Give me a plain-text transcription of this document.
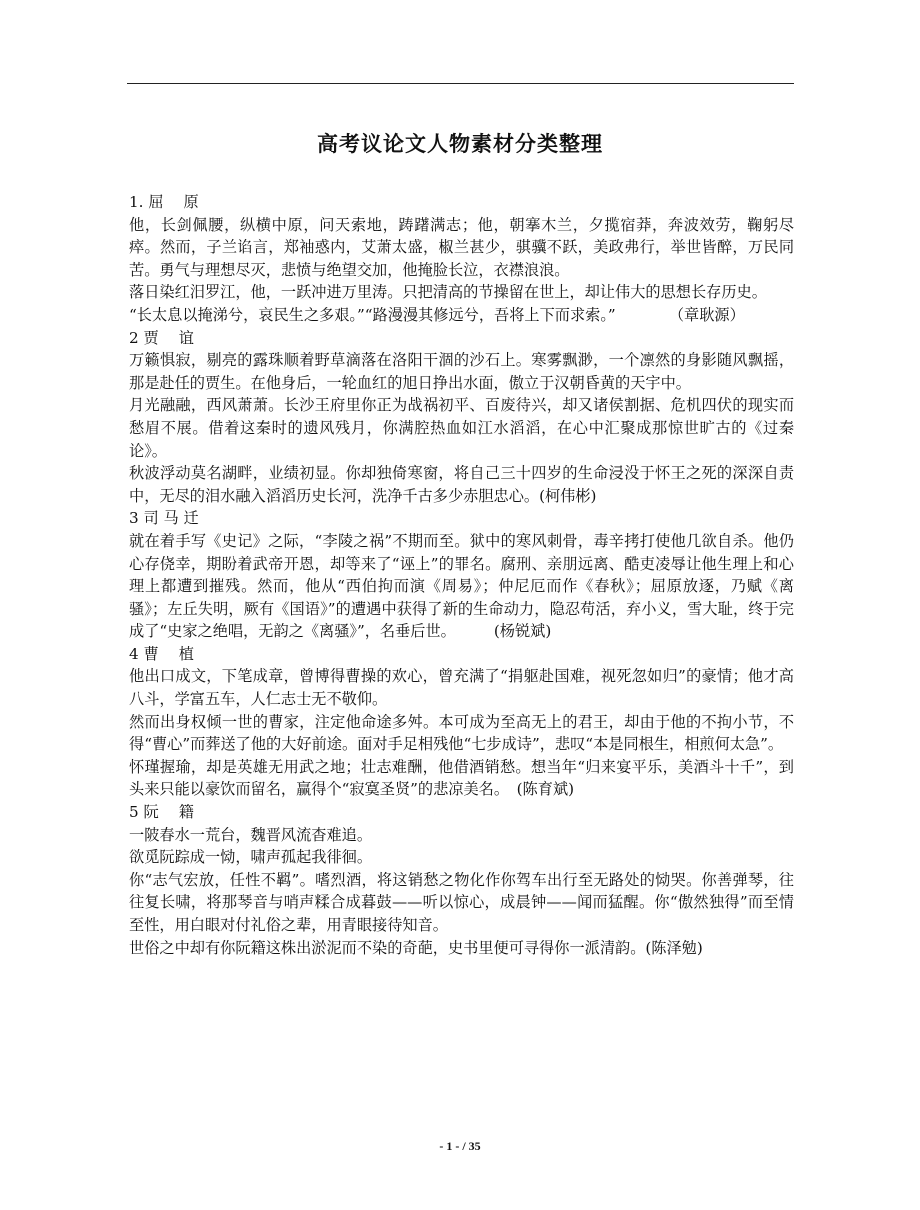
高考议论文人物素材分类整理

1. 屈　 原

他，长剑佩腰，纵横中原，问天索地，踌躇满志；他，朝搴木兰，夕揽宿莽，奔波效劳，鞠躬尽瘁。然而，子兰谄言，郑袖惑内，艾萧太盛，椒兰甚少，骐骥不跃，美政弗行，举世皆醉，万民同苦。勇气与理想尽灭，悲愤与绝望交加，他掩脸长泣，衣襟浪浪。

落日染红汨罗江，他，一跃冲进万里涛。只把清高的节操留在世上，却让伟大的思想长存历史。

“长太息以掩涕兮，哀民生之多艰。”“路漫漫其修远兮，吾将上下而求索。”　　　　（章耿源）

2 贾　 谊

万籁惧寂，剔亮的露珠顺着野草滴落在洛阳干涸的沙石上。寒雾飘渺，一个凛然的身影随风飘摇，那是赴任的贾生。在他身后，一轮血红的旭日挣出水面，傲立于汉朝昏黄的天宇中。

月光融融，西风萧萧。长沙王府里你正为战祸初平、百废待兴，却又诸侯割据、危机四伏的现实而愁眉不展。借着这秦时的遗风残月，你满腔热血如江水滔滔，在心中汇聚成那惊世旷古的《过秦论》。

秋波浮动莫名湖畔，业绩初显。你却独倚寒窗，将自己三十四岁的生命浸没于怀王之死的深深自责中，无尽的泪水融入滔滔历史长河，洗净千古多少赤胆忠心。(柯伟彬)

3 司 马 迁

就在着手写《史记》之际，“李陵之祸”不期而至。狱中的寒风刺骨，毒辛拷打使他几欲自杀。他仍心存侥幸，期盼着武帝开恩，却等来了“诬上”的罪名。腐刑、亲朋远离、酷吏凌辱让他生理上和心理上都遭到摧残。然而，他从“西伯拘而演《周易》；仲尼厄而作《春秋》；屈原放逐，乃赋《离骚》；左丘失明，厥有《国语》”的遭遇中获得了新的生命动力，隐忍苟活，弃小义，雪大耻，终于完成了“史家之绝唱，无韵之《离骚》”，名垂后世。　　　(杨锐斌)

4 曹　 植

他出口成文，下笔成章，曾博得曹操的欢心，曾充满了“捐躯赴国难，视死忽如归”的豪情；他才高八斗，学富五车，人仁志士无不敬仰。

然而出身权倾一世的曹家，注定他命途多舛。本可成为至高无上的君王，却由于他的不拘小节，不得“曹心”而葬送了他的大好前途。面对手足相残他“七步成诗”，悲叹“本是同根生，相煎何太急”。

怀瑾握瑜，却是英雄无用武之地；壮志难酬，他借酒销愁。想当年“归来宴平乐，美酒斗十千”，到头来只能以豪饮而留名，赢得个“寂寞圣贤”的悲凉美名。　(陈育斌)

5 阮　 籍

一陂春水一荒台，魏晋风流杳难追。

欲觅阮踪成一恸，啸声孤起我徘徊。

你“志气宏放，任性不羁”。嗜烈酒，将这销愁之物化作你驾车出行至无路处的恸哭。你善弹琴，往往复长啸，将那琴音与哨声糅合成暮鼓——听以惊心，成晨钟——闻而猛醒。你“傲然独得”而至情至性，用白眼对付礼俗之辈，用青眼接待知音。

世俗之中却有你阮籍这株出淤泥而不染的奇葩，史书里便可寻得你一派清韵。(陈泽勉)

- 1 - / 35
